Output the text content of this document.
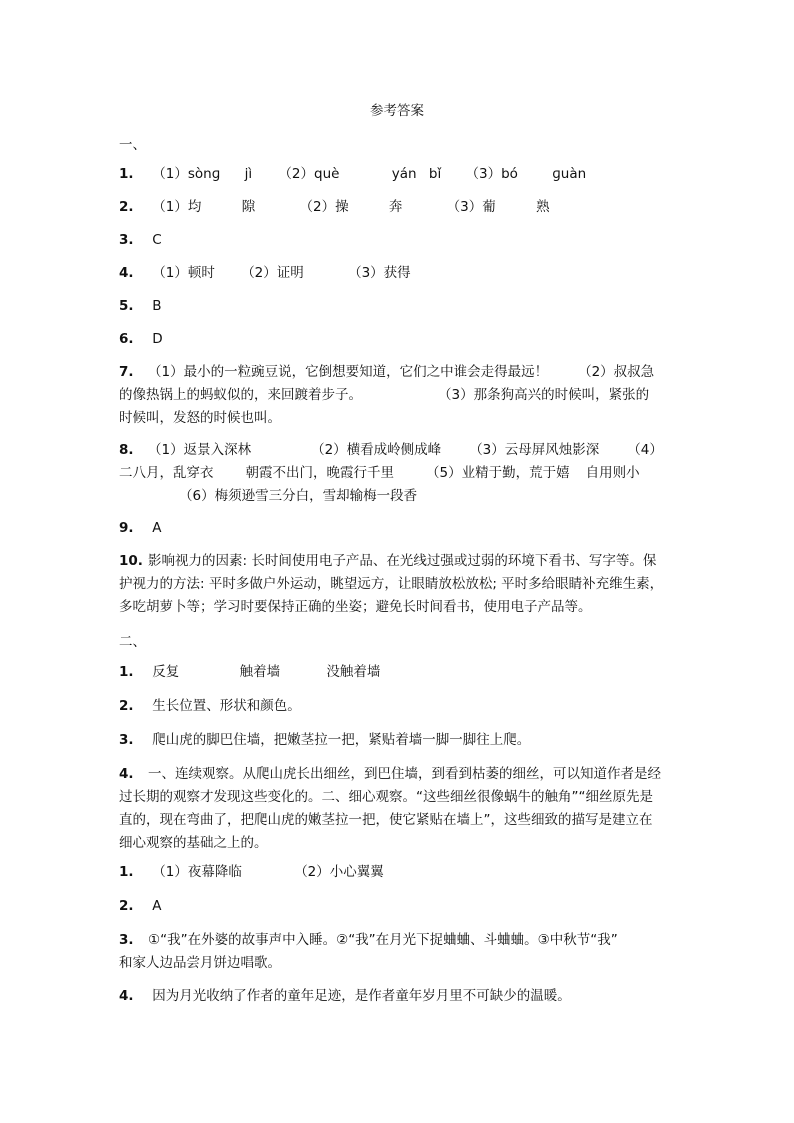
参考答案
一、
1. （1）sònɡ jì （2）què	yán bǐ （3）bó	ɡuàn
2. （1）均	隙	（2）操	奔	（3）葡	熟
3. C
4. （1）顿时 （2）证明	（3）获得
5. B
6. D
7. （1）最小的一粒豌豆说，它倒想要知道，它们之中谁会走得最远！ （2）叔叔急
的像热锅上的蚂蚁似的，来回踱着步子。	（3）那条狗高兴的时候叫，紧张的
时候叫，发怒的时候也叫。
8. （1）返景入深林	（2）横看成岭侧成峰 （3）云母屏风烛影深 （4）
二八月，乱穿衣 朝霞不出门，晚霞行千里 （5）业精于勤，荒于嬉 自用则小
（6）梅须逊雪三分白，雪却输梅一段香
9. A
10. 影响视力的因素: 长时间使用电子产品、在光线过强或过弱的环境下看书、写字等。保
护视力的方法: 平时多做户外运动，眺望远方，让眼睛放松放松; 平时多给眼睛补充维生素，
多吃胡萝卜等；学习时要保持正确的坐姿；避免长时间看书，使用电子产品等。
二、
1. 反复	触着墙	没触着墙
2. 生长位置、形状和颜色。
3. 爬山虎的脚巴住墙，把嫩茎拉一把，紧贴着墙一脚一脚往上爬。
4. 一、连续观察。从爬山虎长出细丝，到巴住墙，到看到枯萎的细丝，可以知道作者是经
过长期的观察才发现这些变化的。二、细心观察。“这些细丝很像蜗牛的触角”“细丝原先是
直的，现在弯曲了，把爬山虎的嫩茎拉一把，使它紧贴在墙上”，这些细致的描写是建立在
细心观察的基础之上的。
1. （1）夜幕降临	（2）小心翼翼
2. A
3. ①“我”在外婆的故事声中入睡。②“我”在月光下捉蛐蛐、斗蛐蛐。③中秋节“我”
和家人边品尝月饼边唱歌。
4. 因为月光收纳了作者的童年足迹，是作者童年岁月里不可缺少的温暖。
